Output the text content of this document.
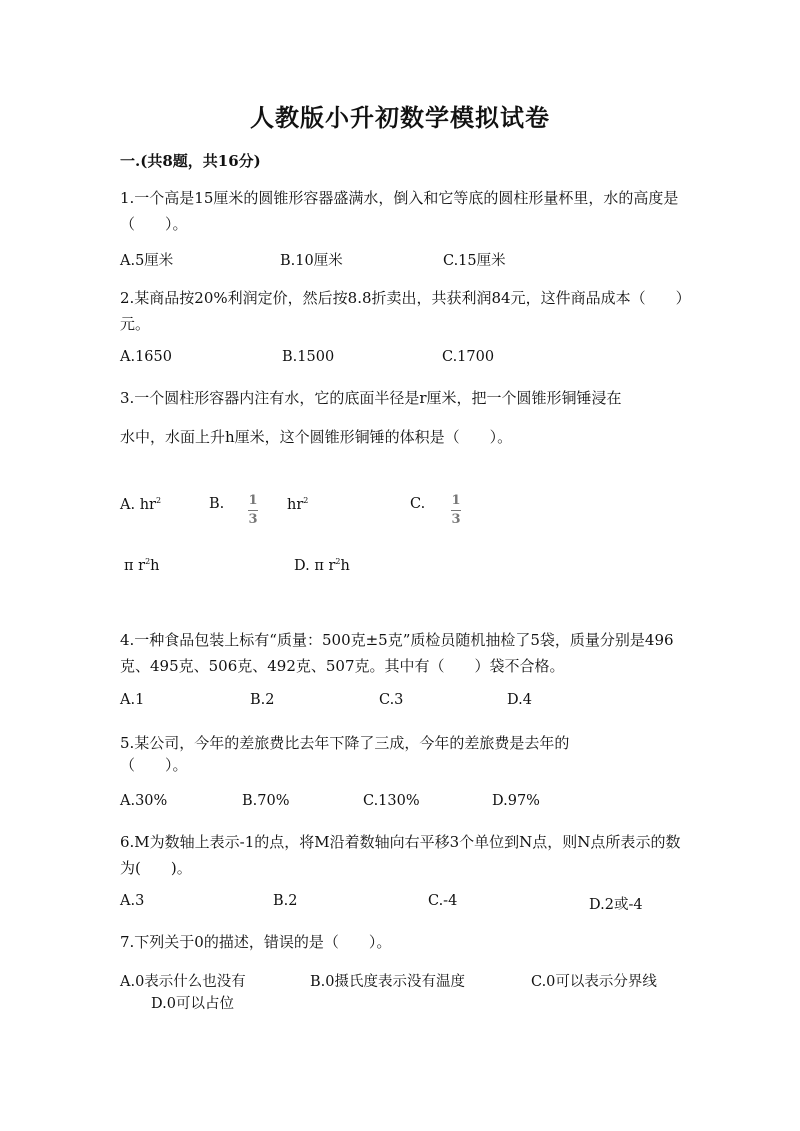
人教版小升初数学模拟试卷
一.(共8题，共16分)
1.一个高是15厘米的圆锥形容器盛满水，倒入和它等底的圆柱形量杯里，水的高度是（　　）。
A.5厘米	B.10厘米	C.15厘米
2.某商品按20%利润定价，然后按8.8折卖出，共获利润84元，这件商品成本（　　）元。
A.1650	B.1500	C.1700
3.一个圆柱形容器内注有水，它的底面半径是r厘米，把一个圆锥形铜锤浸在
水中，水面上升h厘米，这个圆锥形铜锤的体积是（　　）。
A. $hr^2$	B. $\frac{1}{3} hr^2$	C. $\frac{1}{3}$
π $r^2h$	D. π $r^2h$
4.一种食品包装上标有“质量：500克±5克”质检员随机抽检了5袋，质量分别是496克、495克、506克、492克、507克。其中有（　　）袋不合格。
A.1	B.2	C.3	D.4
5.某公司，今年的差旅费比去年下降了三成，今年的差旅费是去年的
（　　）。
A.30%	B.70%	C.130%	D.97%
6.M为数轴上表示-1的点，将M沿着数轴向右平移3个单位到N点，则N点所表示的数为(　　)。
A.3	B.2	C.-4	D.2或-4
7.下列关于0的描述，错误的是（　　）。
A.0表示什么也没有	B.0摄氏度表示没有温度	C.0可以表示分界线
D.0可以占位
